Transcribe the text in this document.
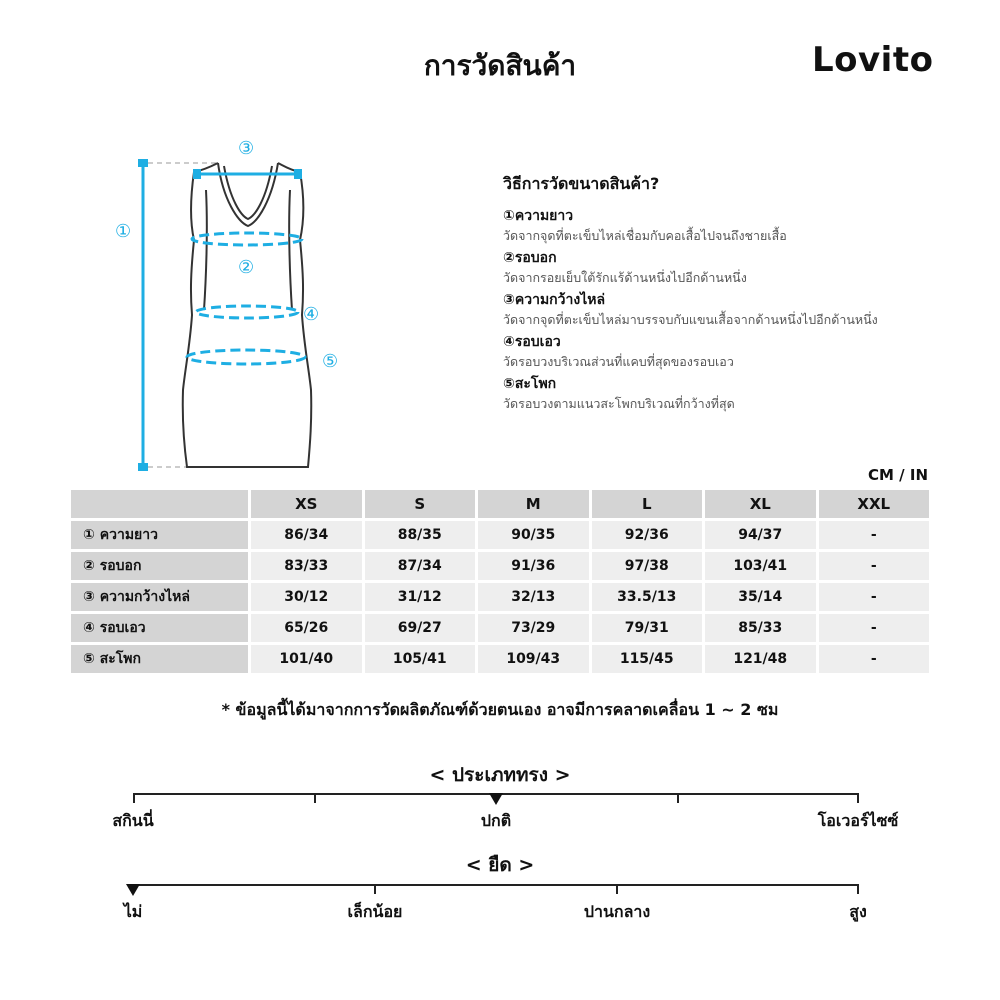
การวัดสินค้า	Lovito
①
②
③
④
⑤
วิธีการวัดขนาดสินค้า?
①ความยาว
วัดจากจุดที่ตะเข็บไหล่เชื่อมกับคอเสื้อไปจนถึงชายเสื้อ
②รอบอก
วัดจากรอยเย็บใต้รักแร้ด้านหนึ่งไปอีกด้านหนึ่ง
③ความกว้างไหล่
วัดจากจุดที่ตะเข็บไหล่มาบรรจบกับแขนเสื้อจากด้านหนึ่งไปอีกด้านหนึ่ง
④รอบเอว
วัดรอบวงบริเวณส่วนที่แคบที่สุดของรอบเอว
⑤สะโพก
วัดรอบวงตามแนวสะโพกบริเวณที่กว้างที่สุด
CM / IN
	XS	S	M	L	XL	XXL
① ความยาว	86/34	88/35	90/35	92/36	94/37	-
② รอบอก	83/33	87/34	91/36	97/38	103/41	-
③ ความกว้างไหล่	30/12	31/12	32/13	33.5/13	35/14	-
④ รอบเอว	65/26	69/27	73/29	79/31	85/33	-
⑤ สะโพก	101/40	105/41	109/43	115/45	121/48	-
* ข้อมูลนี้ได้มาจากการวัดผลิตภัณฑ์ด้วยตนเอง อาจมีการคลาดเคลื่อน 1 ~ 2 ซม
< ประเภททรง >
สกินนี่	ปกติ	โอเวอร์ไซซ์
< ยืด >
ไม่	เล็กน้อย	ปานกลาง	สูง
